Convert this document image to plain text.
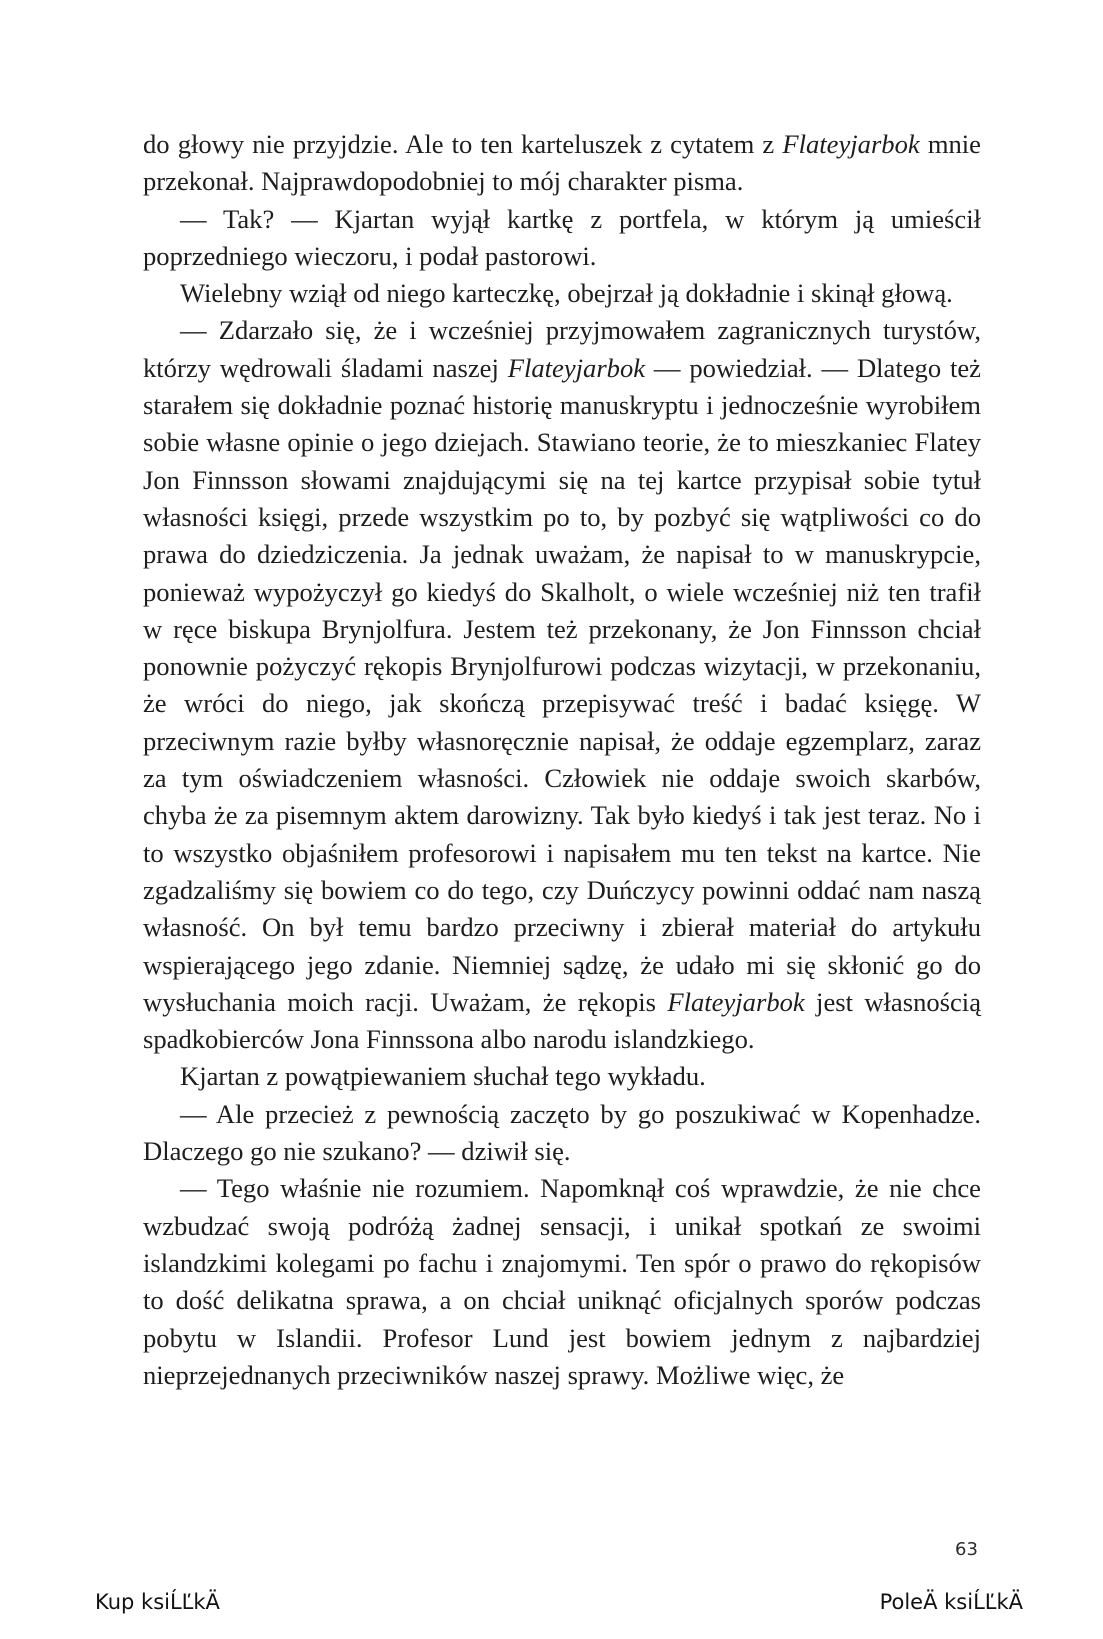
do głowy nie przyjdzie. Ale to ten karteluszek z cytatem z Flateyjarbok mnie przekonał. Najprawdopodobniej to mój charakter pisma.

— Tak? — Kjartan wyjął kartkę z portfela, w którym ją umieścił poprzedniego wieczoru, i podał pastorowi.

Wielebny wziął od niego karteczkę, obejrzał ją dokładnie i skinął głową.

— Zdarzało się, że i wcześniej przyjmowałem zagranicznych turystów, którzy wędrowali śladami naszej Flateyjarbok — powiedział. — Dlatego też starałem się dokładnie poznać historię manuskryptu i jednocześnie wyrobiłem sobie własne opinie o jego dziejach. Stawiano teorie, że to mieszkaniec Flatey Jon Finnsson słowami znajdującymi się na tej kartce przypisał sobie tytuł własności księgi, przede wszystkim po to, by pozbyć się wątpliwości co do prawa do dziedziczenia. Ja jednak uważam, że napisał to w manuskrypcie, ponieważ wypożyczył go kiedyś do Skalholt, o wiele wcześniej niż ten trafił w ręce biskupa Brynjolfura. Jestem też przekonany, że Jon Finnsson chciał ponownie pożyczyć rękopis Brynjolfurowi podczas wizytacji, w przekonaniu, że wróci do niego, jak skończą przepisywać treść i badać księgę. W przeciwnym razie byłby własnoręcznie napisał, że oddaje egzemplarz, zaraz za tym oświadczeniem własności. Człowiek nie oddaje swoich skarbów, chyba że za pisemnym aktem darowizny. Tak było kiedyś i tak jest teraz. No i to wszystko objaśniłem profesorowi i napisałem mu ten tekst na kartce. Nie zgadzaliśmy się bowiem co do tego, czy Duńczycy powinni oddać nam naszą własność. On był temu bardzo przeciwny i zbierał materiał do artykułu wspierającego jego zdanie. Niemniej sądzę, że udało mi się skłonić go do wysłuchania moich racji. Uważam, że rękopis Flateyjarbok jest własnością spadkobierców Jona Finnssona albo narodu islandzkiego.

Kjartan z powątpiewaniem słuchał tego wykładu.

— Ale przecież z pewnością zaczęto by go poszukiwać w Kopenhadze. Dlaczego go nie szukano? — dziwił się.

— Tego właśnie nie rozumiem. Napomknął coś wprawdzie, że nie chce wzbudzać swoją podróżą żadnej sensacji, i unikał spotkań ze swoimi islandzkimi kolegami po fachu i znajomymi. Ten spór o prawo do rękopisów to dość delikatna sprawa, a on chciał uniknąć oficjalnych sporów podczas pobytu w Islandii. Profesor Lund jest bowiem jednym z najbardziej nieprzejednanych przeciwników naszej sprawy. Możliwe więc, że

63
Kup ksiĹĽkÄ	PoleÄ ksiĹĽkÄ
